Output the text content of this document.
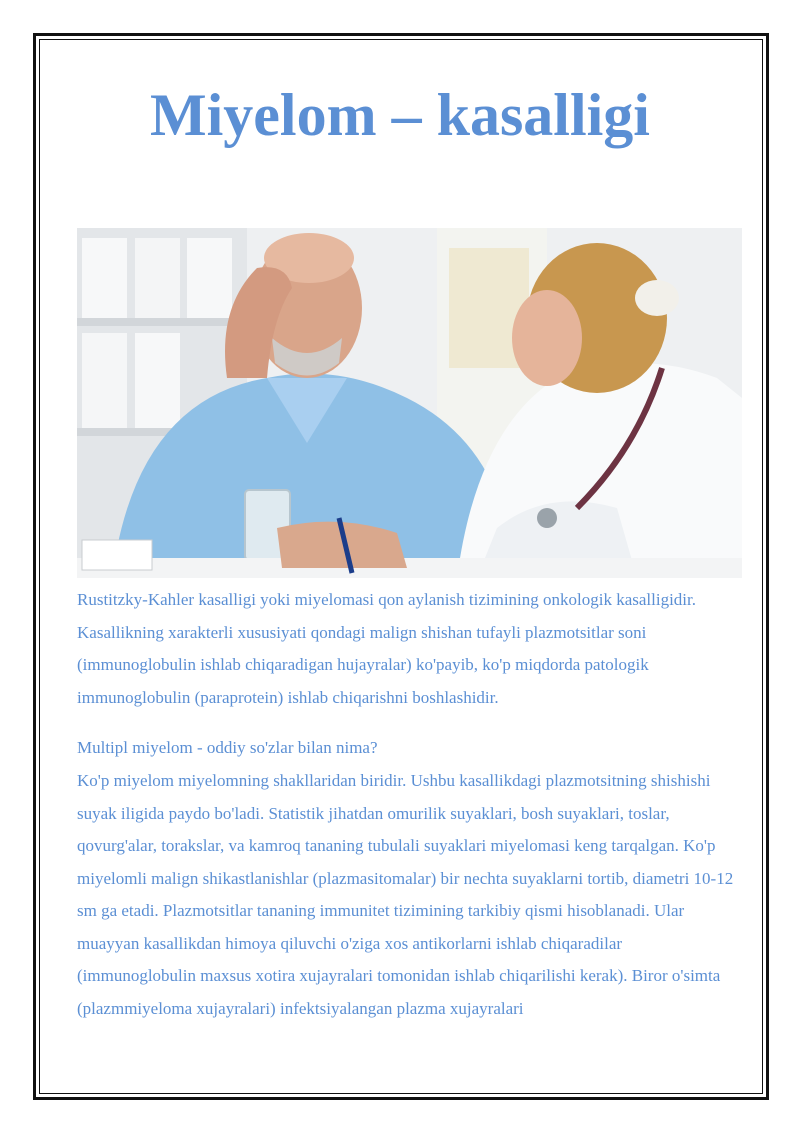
Miyelom – kasalligi

Rustitzky-Kahler kasalligi yoki miyelomasi qon aylanish tizimining onkologik kasalligidir. Kasallikning xarakterli xususiyati qondagi malign shishan tufayli plazmotsitlar soni (immunoglobulin ishlab chiqaradigan hujayralar) ko'payib, ko'p miqdorda patologik immunoglobulin (paraprotein) ishlab chiqarishni boshlashidir.

Multipl miyelom - oddiy so'zlar bilan nima?

Ko'p miyelom miyelomning shakllaridan biridir. Ushbu kasallikdagi plazmotsitning shishishi suyak iligida paydo bo'ladi. Statistik jihatdan omurilik suyaklari, bosh suyaklari, toslar, qovurg'alar, torakslar, va kamroq tananing tubulali suyaklari miyelomasi keng tarqalgan. Ko'p miyelomli malign shikastlanishlar (plazmasitomalar) bir nechta suyaklarni tortib, diametri 10-12 sm ga etadi. Plazmotsitlar tananing immunitet tizimining tarkibiy qismi hisoblanadi. Ular muayyan kasallikdan himoya qiluvchi o'ziga xos antikorlarni ishlab chiqaradilar (immunoglobulin maxsus xotira xujayralari tomonidan ishlab chiqarilishi kerak). Biror o'simta (plazmmiyeloma xujayralari) infektsiyalangan plazma xujayralari
